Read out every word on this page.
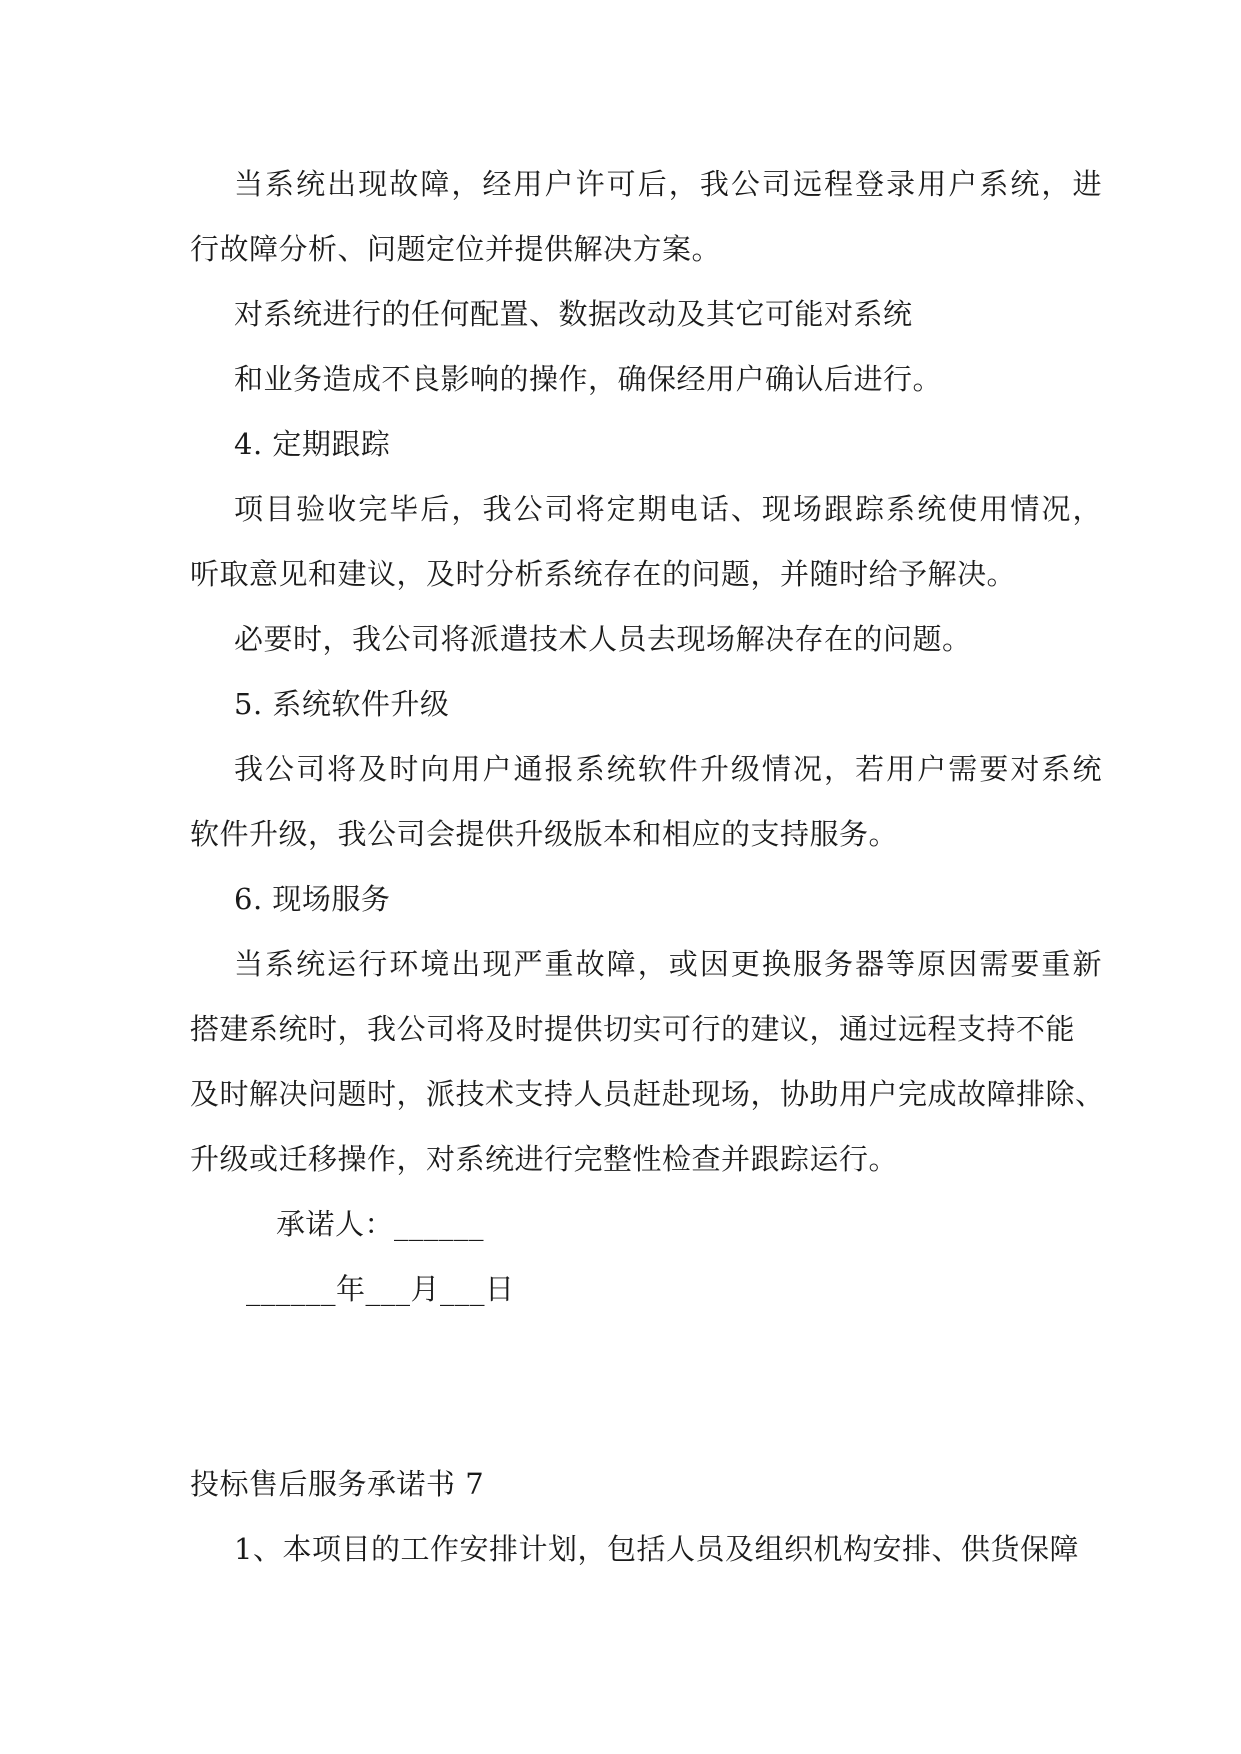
当系统出现故障，经用户许可后，我公司远程登录用户系统，进
行故障分析、问题定位并提供解决方案。
对系统进行的任何配置、数据改动及其它可能对系统
和业务造成不良影响的操作，确保经用户确认后进行。
4. 定期跟踪
项目验收完毕后，我公司将定期电话、现场跟踪系统使用情况，
听取意见和建议，及时分析系统存在的问题，并随时给予解决。
必要时，我公司将派遣技术人员去现场解决存在的问题。
5. 系统软件升级
我公司将及时向用户通报系统软件升级情况，若用户需要对系统
软件升级，我公司会提供升级版本和相应的支持服务。
6. 现场服务
当系统运行环境出现严重故障，或因更换服务器等原因需要重新
搭建系统时，我公司将及时提供切实可行的建议，通过远程支持不能
及时解决问题时，派技术支持人员赶赴现场，协助用户完成故障排除、
升级或迁移操作，对系统进行完整性检查并跟踪运行。
承诺人：______
______年___月___日
投标售后服务承诺书 7
1、本项目的工作安排计划，包括人员及组织机构安排、供货保障
